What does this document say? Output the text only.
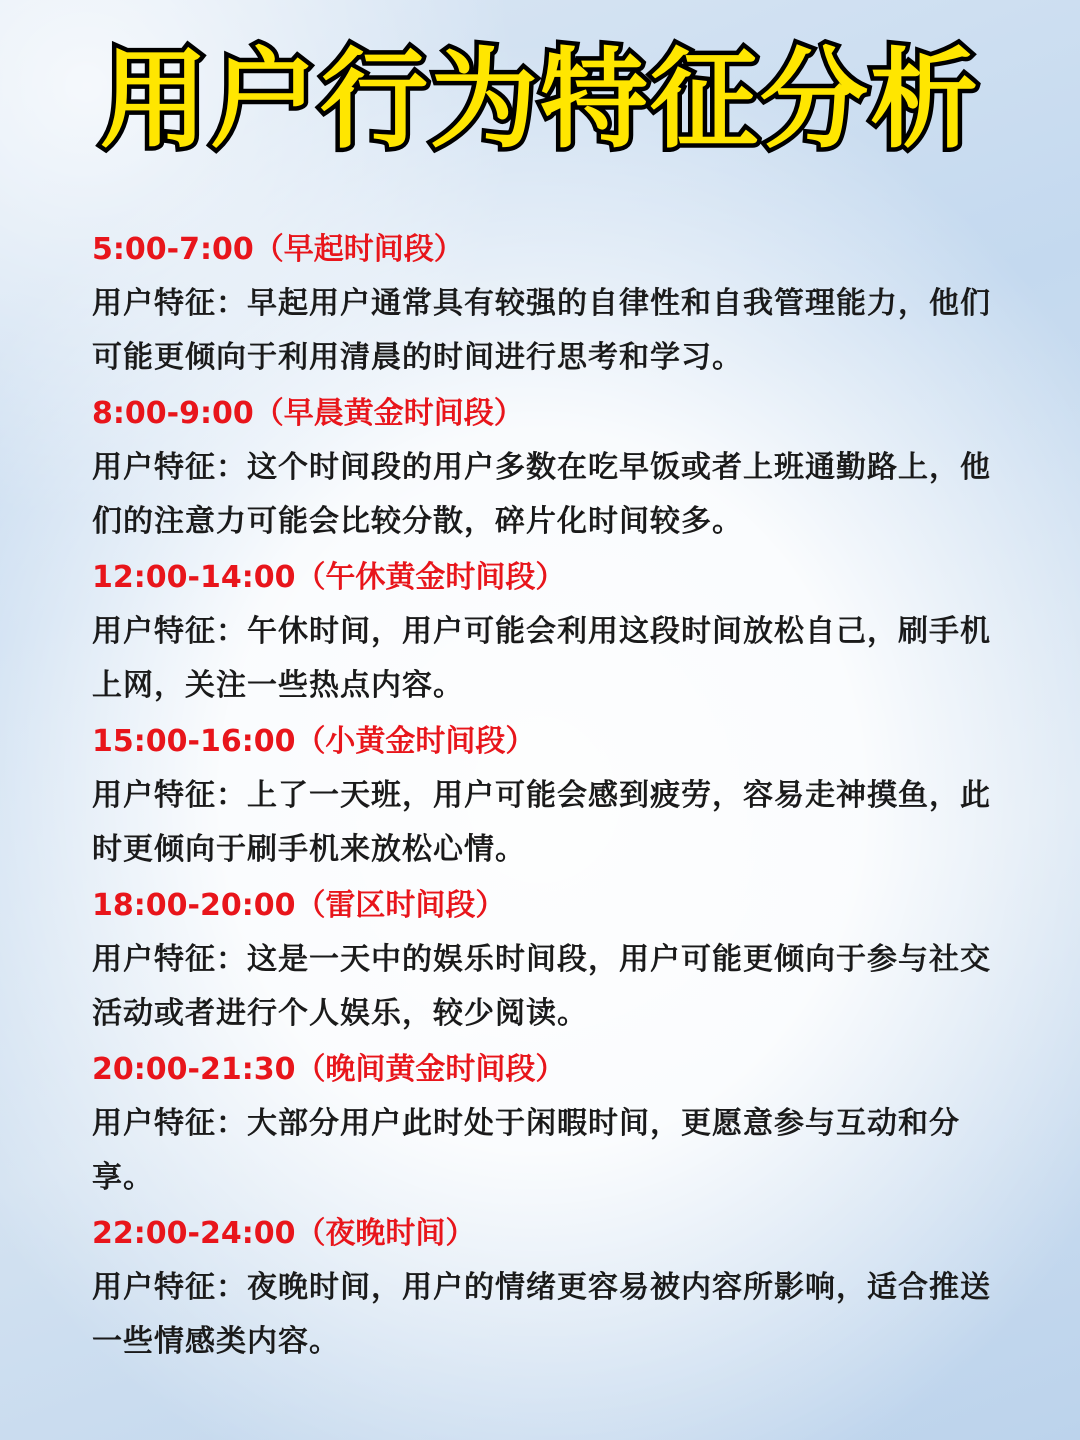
用户行为特征分析
5:00-7:00（早起时间段）
用户特征：早起用户通常具有较强的自律性和自我管理能力，他们可能更倾向于利用清晨的时间进行思考和学习。
8:00-9:00（早晨黄金时间段）
用户特征：这个时间段的用户多数在吃早饭或者上班通勤路上，他们的注意力可能会比较分散，碎片化时间较多。
12:00-14:00（午休黄金时间段）
用户特征：午休时间，用户可能会利用这段时间放松自己，刷手机上网，关注一些热点内容。
15:00-16:00（小黄金时间段）
用户特征：上了一天班，用户可能会感到疲劳，容易走神摸鱼，此时更倾向于刷手机来放松心情。
18:00-20:00（雷区时间段）
用户特征：这是一天中的娱乐时间段，用户可能更倾向于参与社交活动或者进行个人娱乐，较少阅读。
20:00-21:30（晚间黄金时间段）
用户特征：大部分用户此时处于闲暇时间，更愿意参与互动和分享。
22:00-24:00（夜晚时间）
用户特征：夜晚时间，用户的情绪更容易被内容所影响，适合推送一些情感类内容。
